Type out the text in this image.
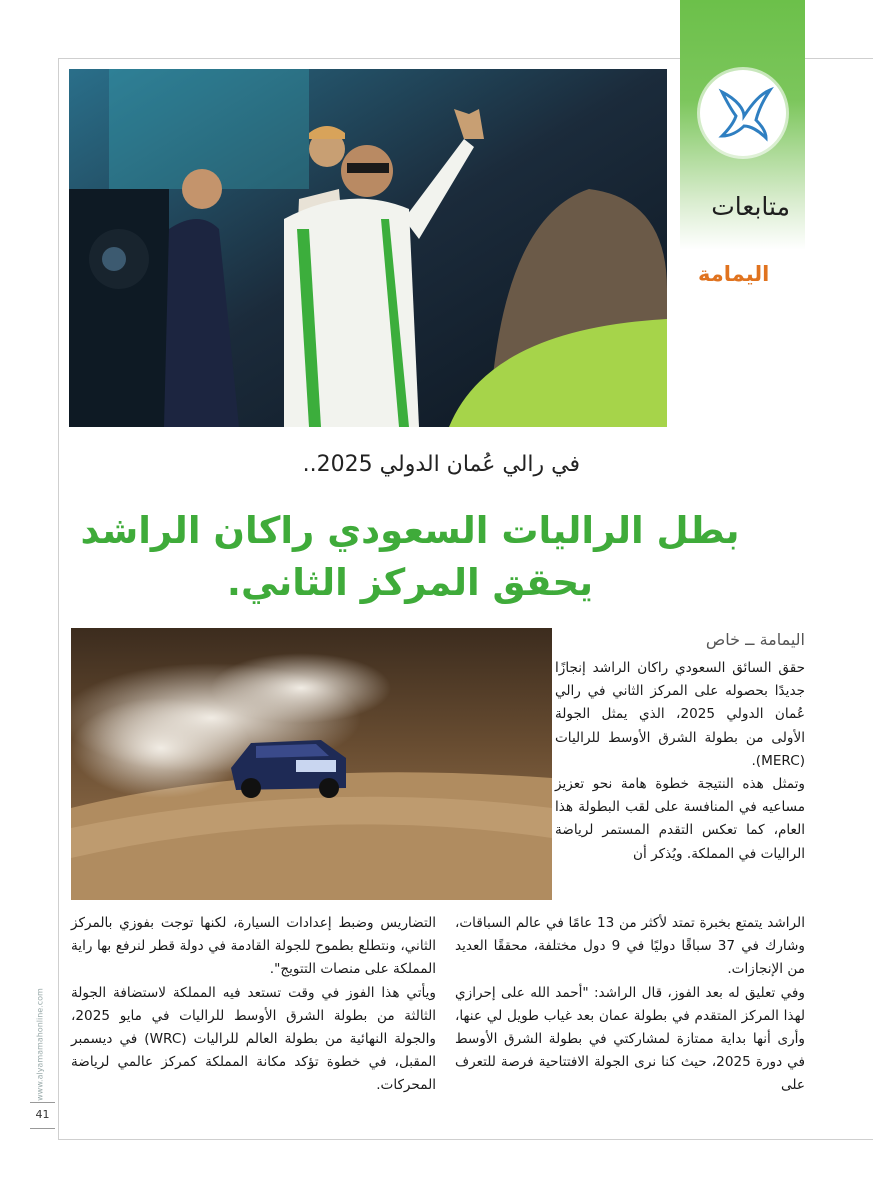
متابعات
اليمامة
في رالي عُمان الدولي 2025..
بطل الراليات السعودي راكان الراشد
يحقق المركز الثاني.
اليمامة ــ خاص

حقق السائق السعودي راكان الراشد إنجازًا جديدًا بحصوله على المركز الثاني في رالي عُمان الدولي 2025، الذي يمثل الجولة الأولى من بطولة الشرق الأوسط للراليات (MERC).

وتمثل هذه النتيجة خطوة هامة نحو تعزيز مساعيه في المنافسة على لقب البطولة هذا العام، كما تعكس التقدم المستمر لرياضة الراليات في المملكة. ويُذكر أن

الراشد يتمتع بخبرة تمتد لأكثر من 13 عامًا في عالم السباقات، وشارك في 37 سباقًا دوليًا في 9 دول مختلفة، محققًا العديد من الإنجازات.

وفي تعليق له بعد الفوز، قال الراشد: "أحمد الله على إحرازي لهذا المركز المتقدم في بطولة عمان بعد غياب طويل لي عنها، وأرى أنها بداية ممتازة لمشاركتي في بطولة الشرق الأوسط في دورة 2025، حيث كنا نرى الجولة الافتتاحية فرصة للتعرف على

التضاريس وضبط إعدادات السيارة، لكنها توجت بفوزي بالمركز الثاني، ونتطلع بطموح للجولة القادمة في دولة قطر لنرفع بها راية المملكة على منصات التتويج".

ويأتي هذا الفوز في وقت تستعد فيه المملكة لاستضافة الجولة الثالثة من بطولة الشرق الأوسط للراليات في مايو 2025، والجولة النهائية من بطولة العالم للراليات (WRC) في ديسمبر المقبل، في خطوة تؤكد مكانة المملكة كمركز عالمي لرياضة المحركات.

www.alyamamahonline.com
41
